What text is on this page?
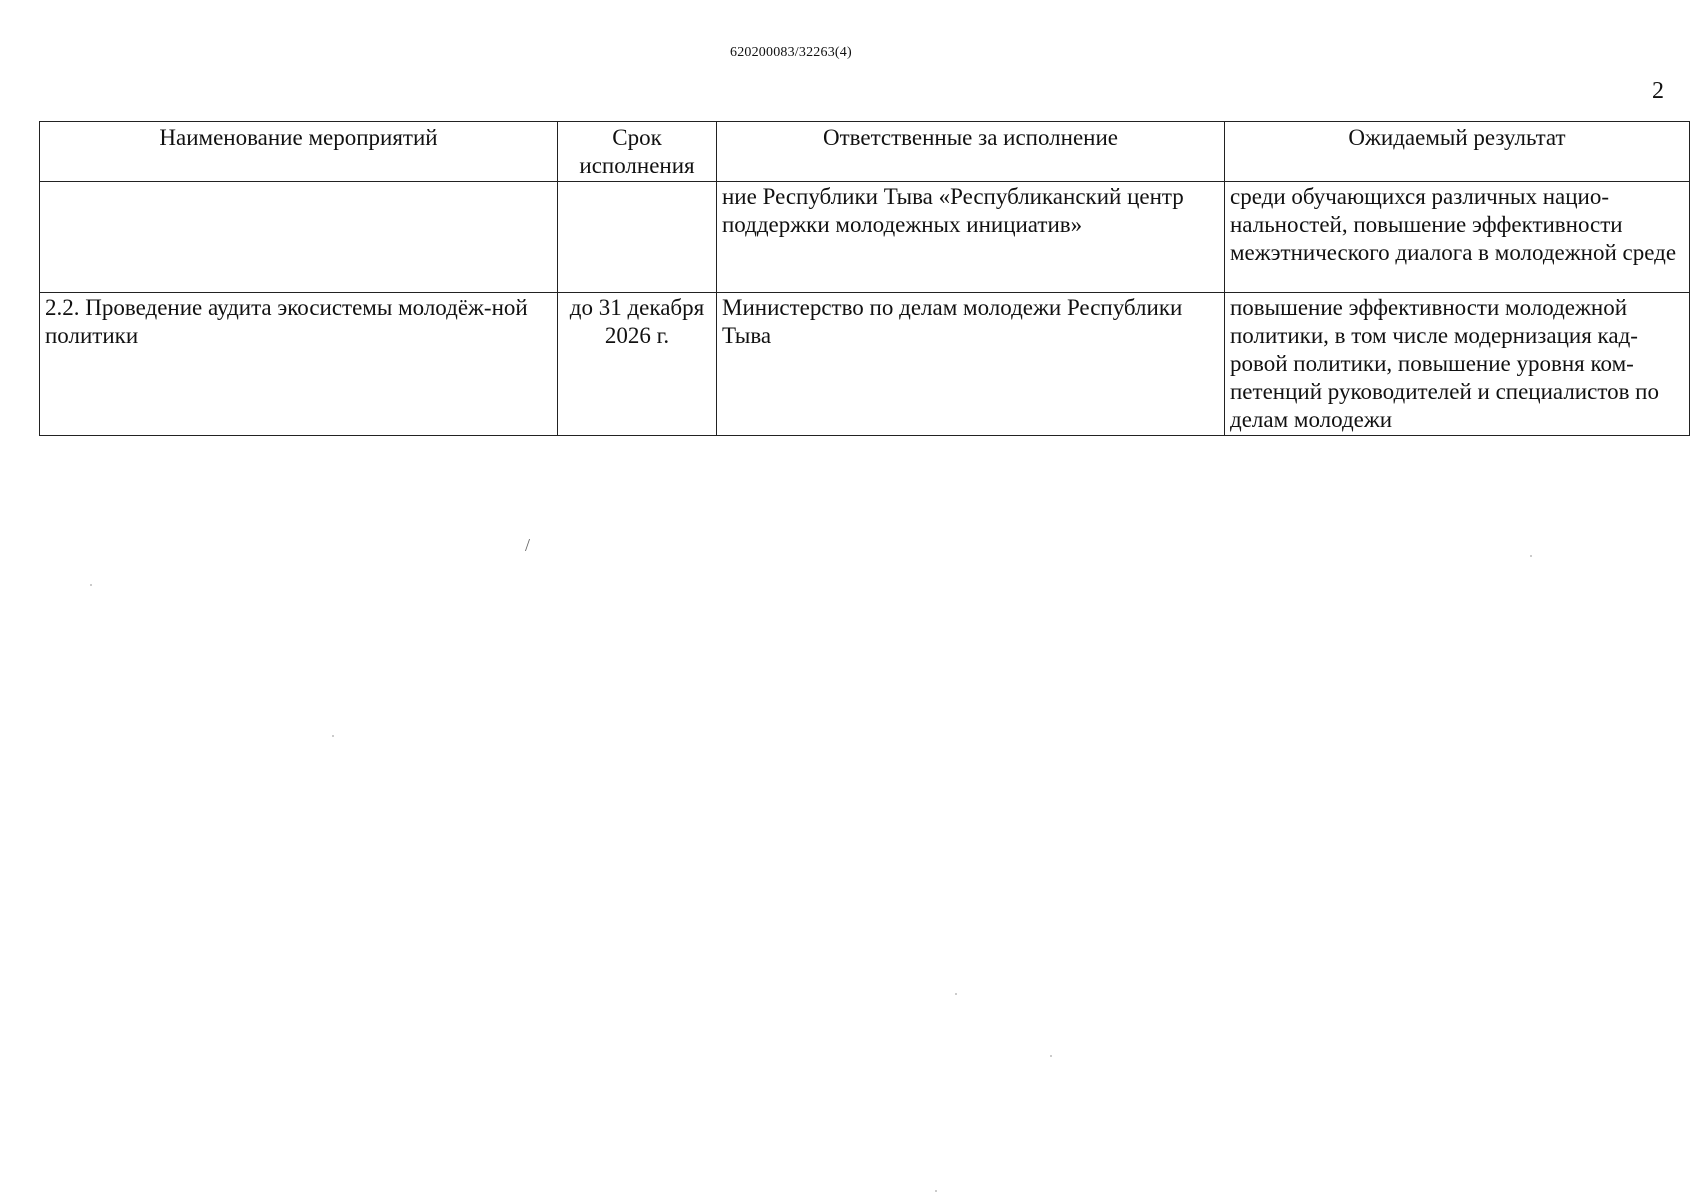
620200083/32263(4)
2
Наименование мероприятий	Срок исполнения	Ответственные за исполнение	Ожидаемый результат
		ние Республики Тыва «Республиканский центр поддержки молодежных инициатив»	среди обучающихся различных нацио-нальностей, повышение эффективности межэтнического диалога в молодежной среде
2.2. Проведение аудита экосистемы молодёж-ной политики	до 31 декабря 2026 г.	Министерство по делам молодежи Республики Тыва	повышение эффективности молодежной политики, в том числе модернизация кад-ровой политики, повышение уровня ком-петенций руководителей и специалистов по делам молодежи
/
